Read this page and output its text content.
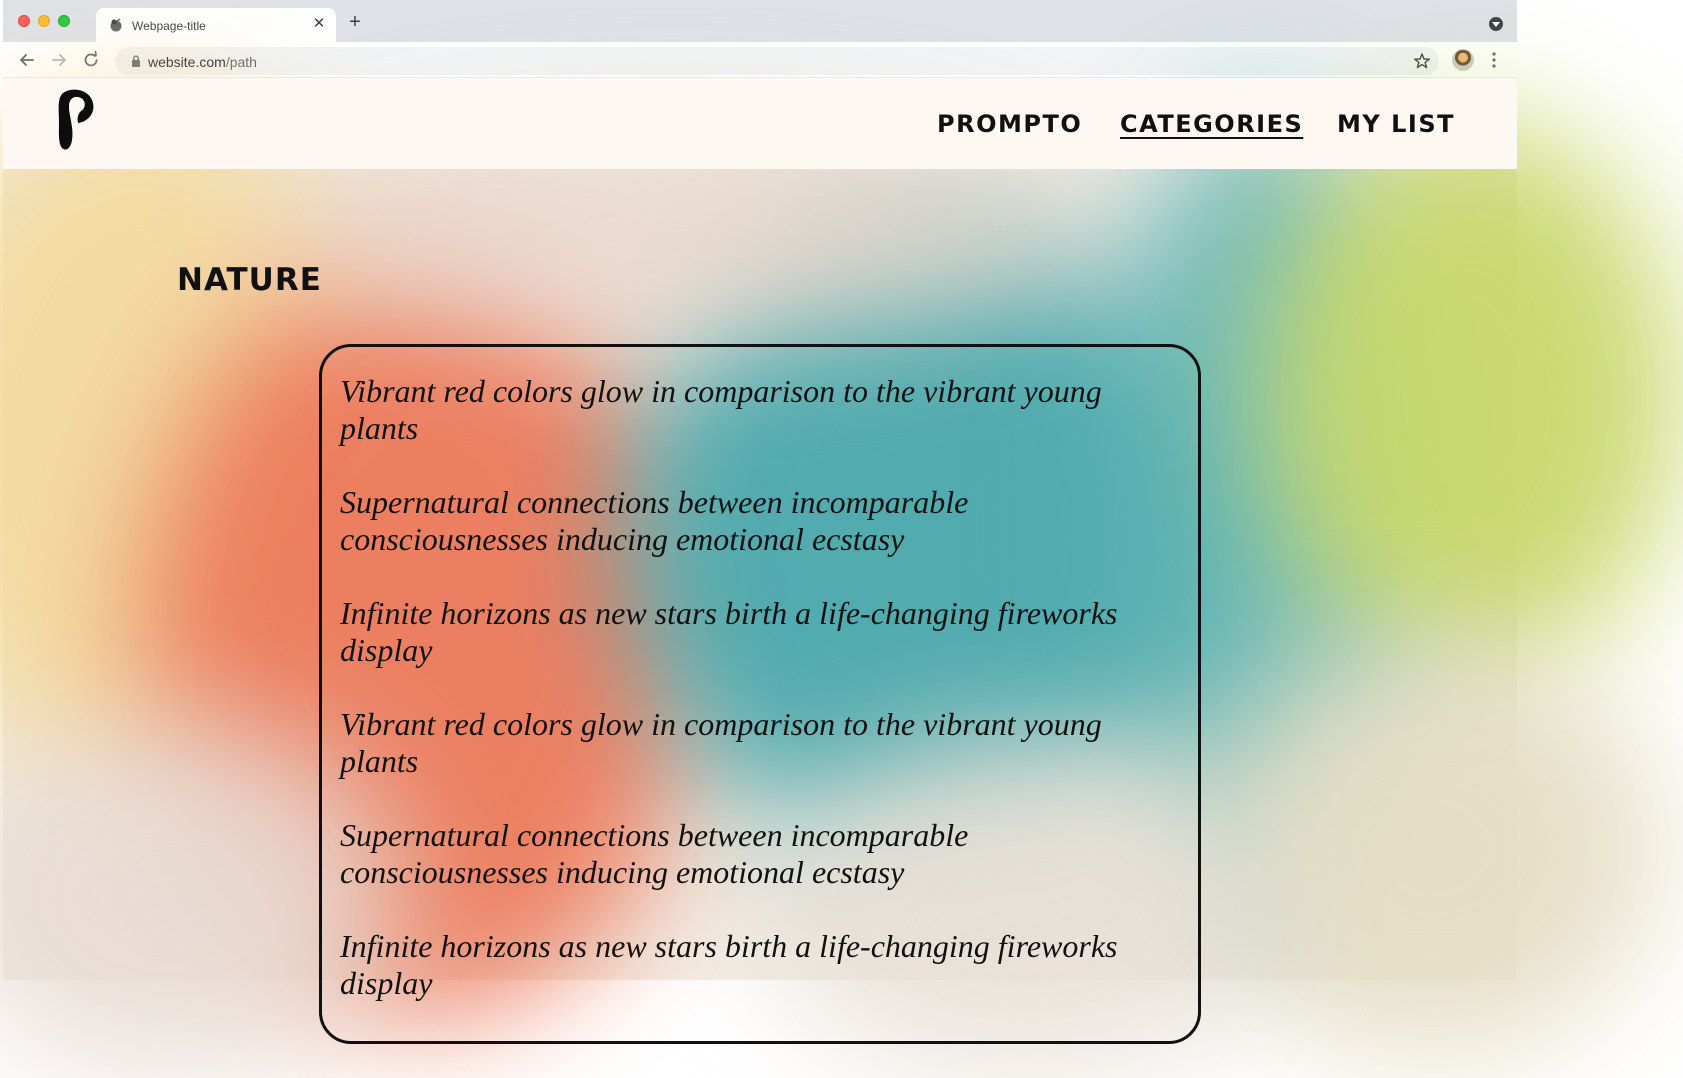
Webpage-title	✕ +
website.com/path
PROMPTO CATEGORIES MY LIST
NATURE
Vibrant red colors glow in comparison to the vibrant young plants
Supernatural connections between incomparable consciousnesses inducing emotional ecstasy
Infinite horizons as new stars birth a life-changing fireworks display
Vibrant red colors glow in comparison to the vibrant young plants
Supernatural connections between incomparable consciousnesses inducing emotional ecstasy
Infinite horizons as new stars birth a life-changing fireworks display
